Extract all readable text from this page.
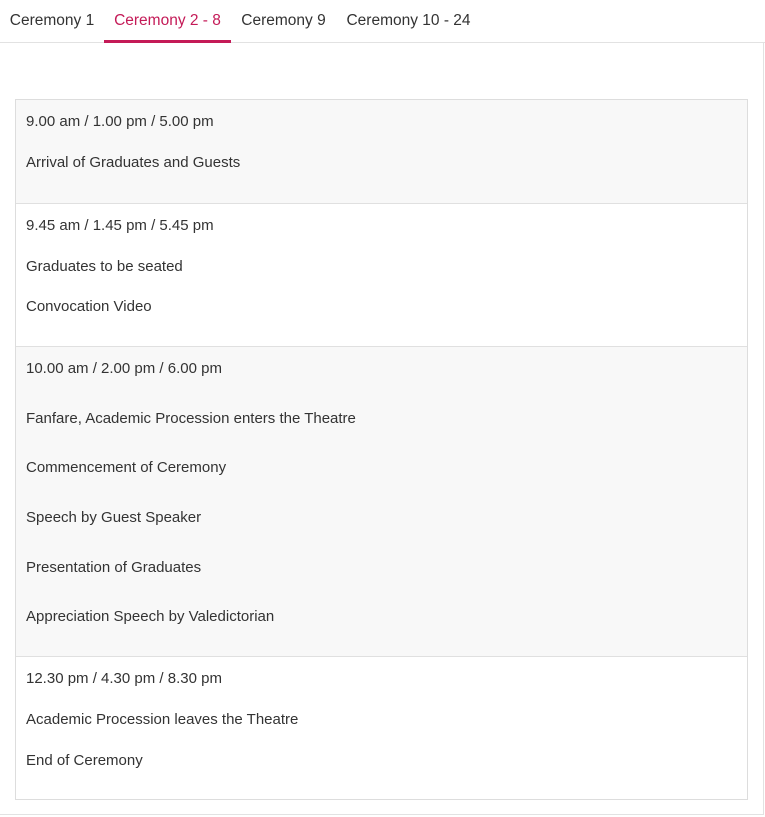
Ceremony 1	Ceremony 2 - 8	Ceremony 9	Ceremony 10 - 24
9.00 am / 1.00 pm / 5.00 pm
Arrival of Graduates and Guests
9.45 am / 1.45 pm / 5.45 pm
Graduates to be seated
Convocation Video
10.00 am / 2.00 pm / 6.00 pm
Fanfare, Academic Procession enters the Theatre
Commencement of Ceremony
Speech by Guest Speaker
Presentation of Graduates
Appreciation Speech by Valedictorian
12.30 pm / 4.30 pm / 8.30 pm
Academic Procession leaves the Theatre
End of Ceremony
